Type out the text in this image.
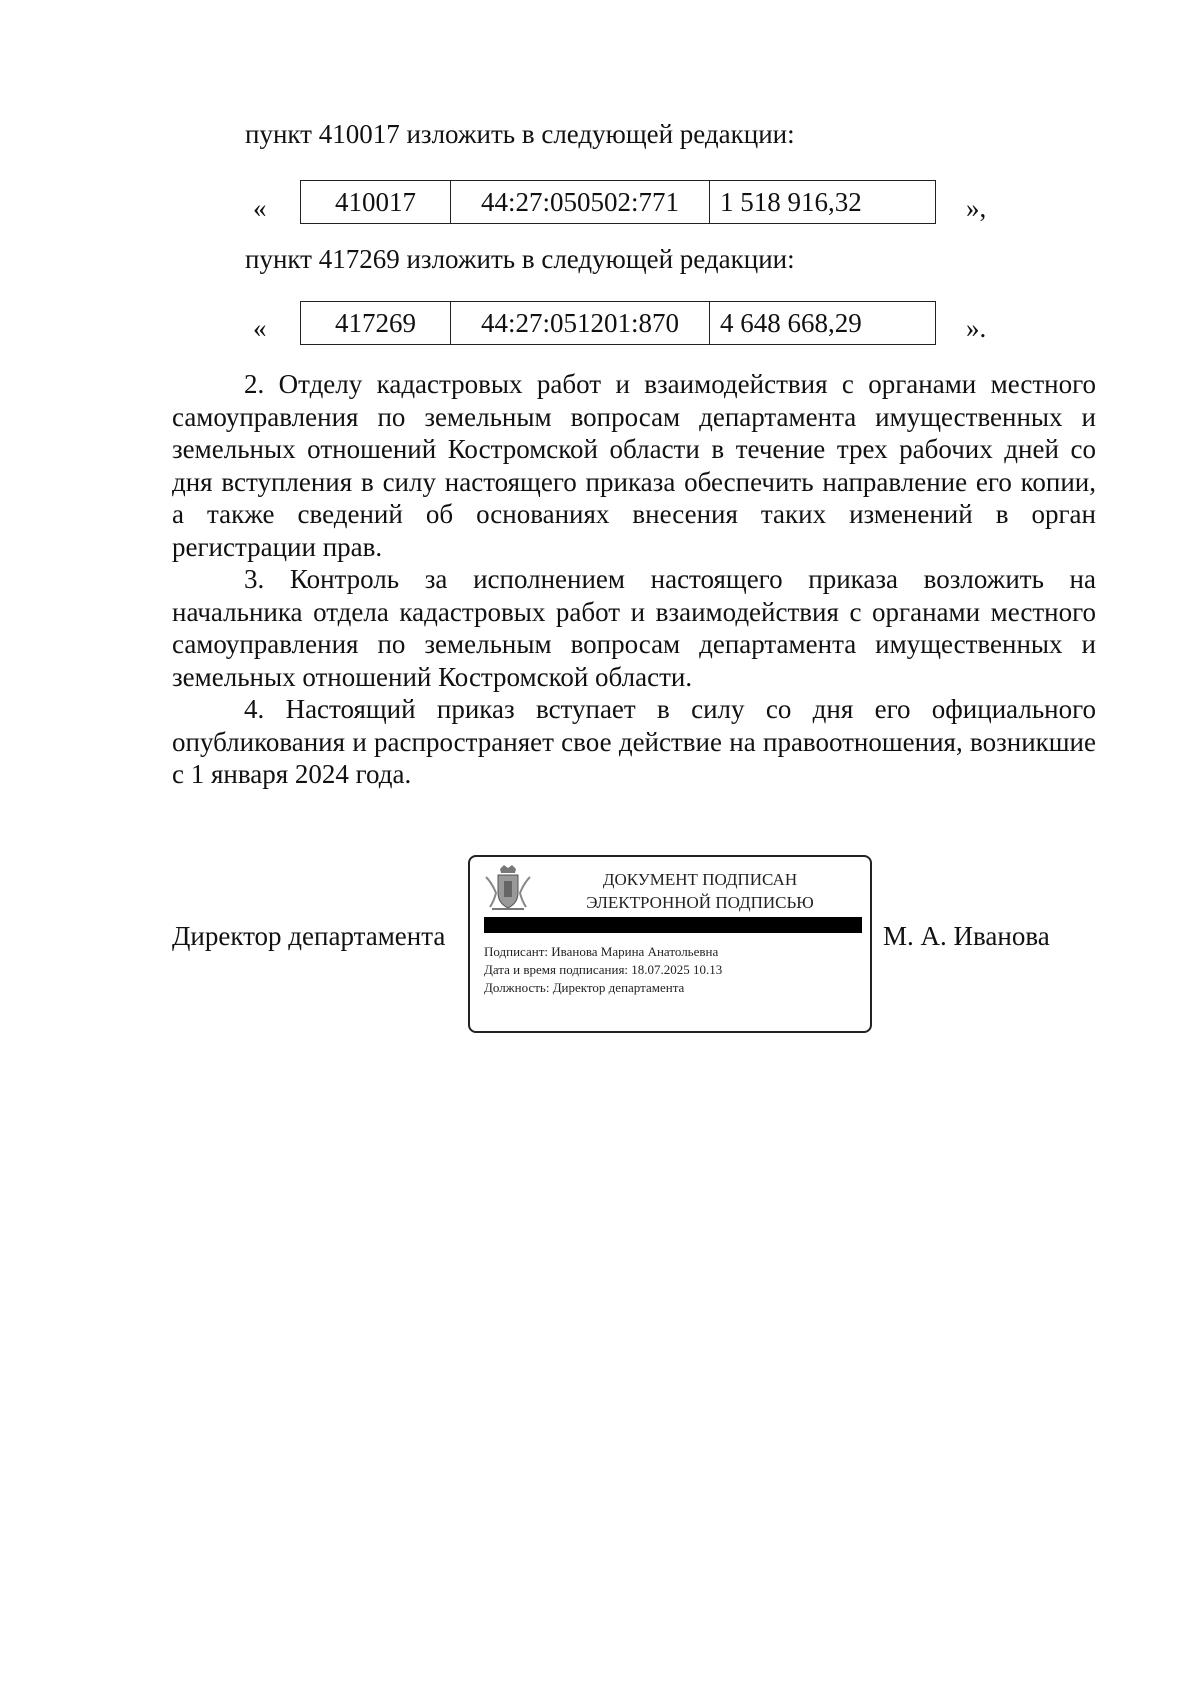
пункт 410017 изложить в следующей редакции:
«	410017	44:27:050502:771	1 518 916,32	»,
пункт 417269 изложить в следующей редакции:
«	417269	44:27:051201:870	4 648 668,29	».

2. Отделу кадастровых работ и взаимодействия с органами местного самоуправления по земельным вопросам департамента имущественных и земельных отношений Костромской области в течение трех рабочих дней со дня вступления в силу настоящего приказа обеспечить направление его копии, а также сведений об основаниях внесения таких изменений в орган регистрации прав.

3. Контроль за исполнением настоящего приказа возложить на начальника отдела кадастровых работ и взаимодействия с органами местного самоуправления по земельным вопросам департамента имущественных и земельных отношений Костромской области.

4. Настоящий приказ вступает в силу со дня его официального опубликования и распространяет свое действие на правоотношения, возникшие с 1 января 2024 года.

Директор департамента
ДОКУМЕНТ ПОДПИСАН
ЭЛЕКТРОННОЙ ПОДПИСЬЮ
Подписант: Иванова Марина Анатольевна
Дата и время подписания: 18.07.2025 10.13
Должность: Директор департамента
М. А. Иванова
